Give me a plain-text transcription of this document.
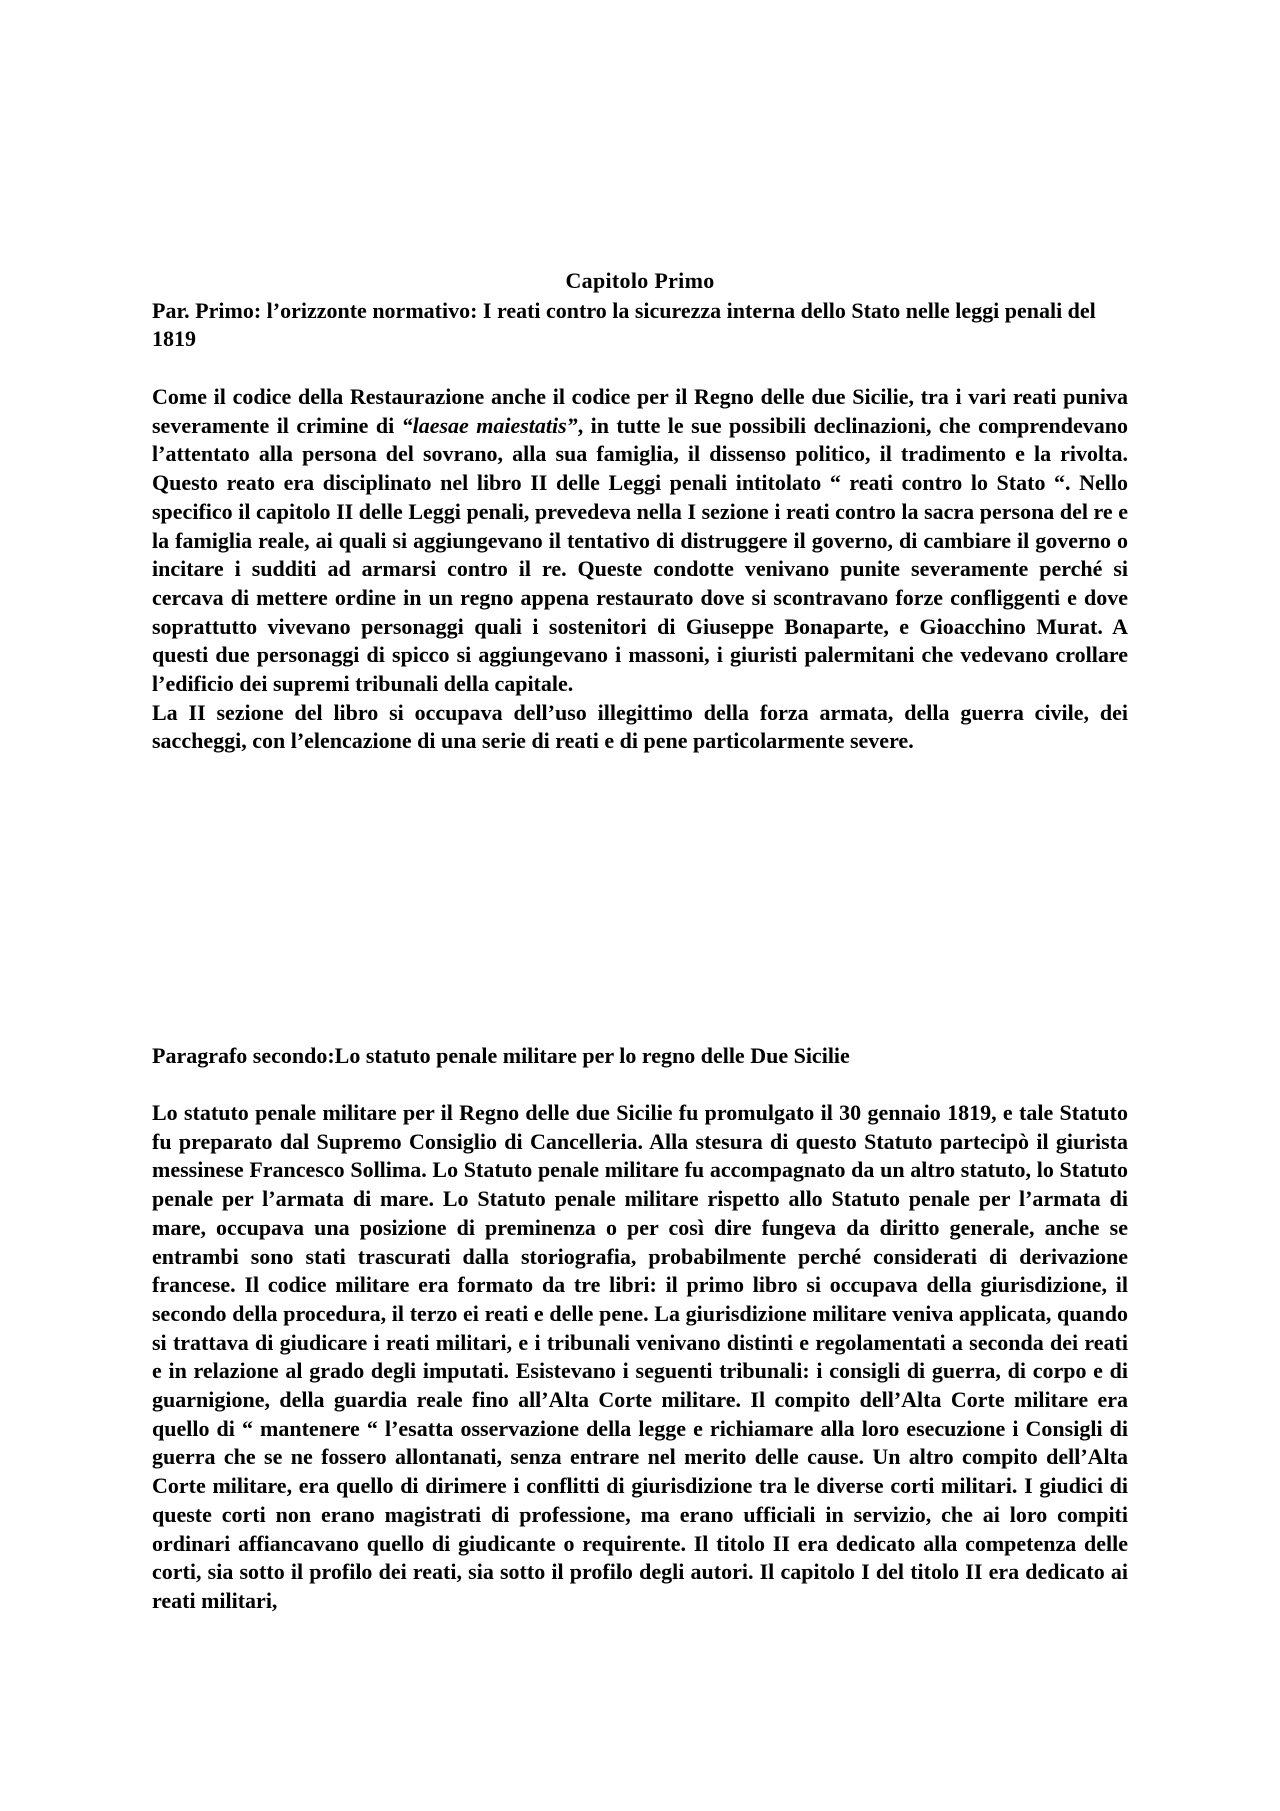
Capitolo Primo
Par. Primo: l’orizzonte normativo: I reati contro la sicurezza interna dello Stato nelle leggi penali del 1819

Come il codice della Restaurazione anche il codice per il Regno delle due Sicilie, tra i vari reati puniva severamente il crimine di “laesae maiestatis”, in tutte le sue possibili declinazioni, che comprendevano l’attentato alla persona del sovrano, alla sua famiglia, il dissenso politico, il tradimento e la rivolta. Questo reato era disciplinato nel libro II delle Leggi penali intitolato “ reati contro lo Stato “. Nello specifico il capitolo II delle Leggi penali, prevedeva nella I sezione i reati contro la sacra persona del re e la famiglia reale, ai quali si aggiungevano il tentativo di distruggere il governo, di cambiare il governo o incitare i sudditi ad armarsi contro il re. Queste condotte venivano punite severamente perché si cercava di mettere ordine in un regno appena restaurato dove si scontravano forze confliggenti e dove soprattutto vivevano personaggi quali i sostenitori di Giuseppe Bonaparte, e Gioacchino Murat. A questi due personaggi di spicco si aggiungevano i massoni, i giuristi palermitani che vedevano crollare l’edificio dei supremi tribunali della capitale.

La II sezione del libro si occupava dell’uso illegittimo della forza armata, della guerra civile, dei saccheggi, con l’elencazione di una serie di reati e di pene particolarmente severe.

Paragrafo secondo:Lo statuto penale militare per lo regno delle Due Sicilie

Lo statuto penale militare per il Regno delle due Sicilie fu promulgato il 30 gennaio 1819, e tale Statuto fu preparato dal Supremo Consiglio di Cancelleria. Alla stesura di questo Statuto partecipò il giurista messinese Francesco Sollima. Lo Statuto penale militare fu accompagnato da un altro statuto, lo Statuto penale per l’armata di mare. Lo Statuto penale militare rispetto allo Statuto penale per l’armata di mare, occupava una posizione di preminenza o per così dire fungeva da diritto generale, anche se entrambi sono stati trascurati dalla storiografia, probabilmente perché considerati di derivazione francese. Il codice militare era formato da tre libri: il primo libro si occupava della giurisdizione, il secondo della procedura, il terzo ei reati e delle pene. La giurisdizione militare veniva applicata, quando si trattava di giudicare i reati militari, e i tribunali venivano distinti e regolamentati a seconda dei reati e in relazione al grado degli imputati. Esistevano i seguenti tribunali: i consigli di guerra, di corpo e di guarnigione, della guardia reale fino all’Alta Corte militare. Il compito dell’Alta Corte militare era quello di “ mantenere “ l’esatta osservazione della legge e richiamare alla loro esecuzione i Consigli di guerra che se ne fossero allontanati, senza entrare nel merito delle cause. Un altro compito dell’Alta Corte militare, era quello di dirimere i conflitti di giurisdizione tra le diverse corti militari. I giudici di queste corti non erano magistrati di professione, ma erano ufficiali in servizio, che ai loro compiti ordinari affiancavano quello di giudicante o requirente. Il titolo II era dedicato alla competenza delle corti, sia sotto il profilo dei reati, sia sotto il profilo degli autori. Il capitolo I del titolo II era dedicato ai reati militari,
